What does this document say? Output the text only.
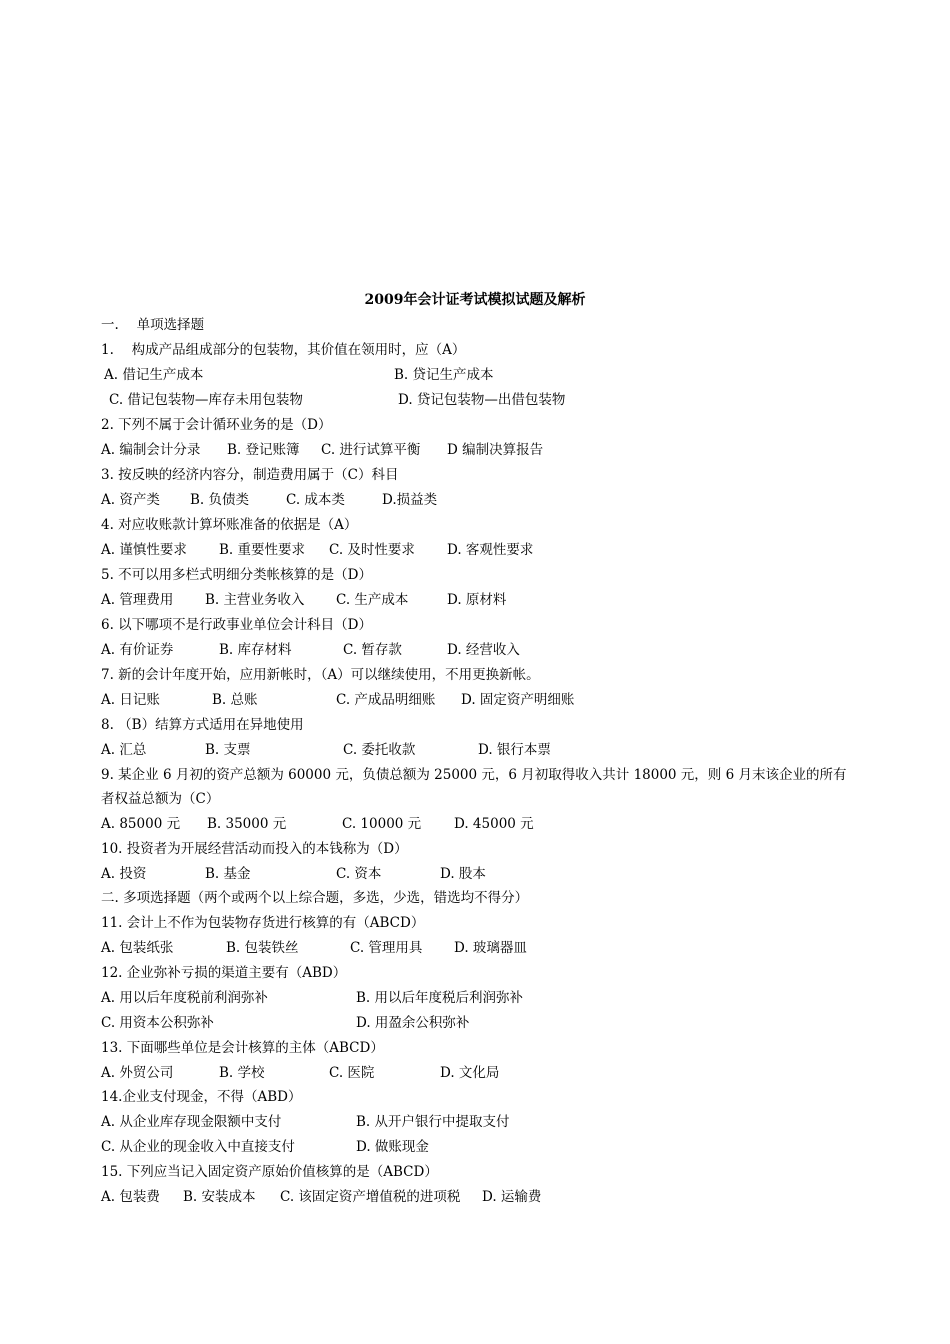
2009年会计证考试模拟试题及解析
一.　 单项选择题
1.　 构成产品组成部分的包装物，其价值在领用时，应（A）
A. 借记生产成本	B. 贷记生产成本
C. 借记包装物—库存未用包装物	D. 贷记包装物—出借包装物
2. 下列不属于会计循环业务的是（D）
A. 编制会计分录 B. 登记账簿 C. 进行试算平衡 D 编制决算报告
3. 按反映的经济内容分，制造费用属于（C）科目
A. 资产类 B. 负债类	C. 成本类	D.损益类
4. 对应收账款计算坏账准备的依据是（A）
A. 谨慎性要求 B. 重要性要求 C. 及时性要求 D. 客观性要求
5. 不可以用多栏式明细分类帐核算的是（D）
A. 管理费用 B. 主营业务收入 C. 生产成本	D. 原材料
6. 以下哪项不是行政事业单位会计科目（D）
A. 有价证券	B. 库存材料	C. 暂存款	D. 经营收入
7. 新的会计年度开始，应用新帐时，（A）可以继续使用，不用更换新帐。
A. 日记账	B. 总账	C. 产成品明细账 D. 固定资产明细账
8. （B）结算方式适用在异地使用
A. 汇总	B. 支票	C. 委托收款	D. 银行本票
9. 某企业 6 月初的资产总额为 60000 元，负债总额为 25000 元，6 月初取得收入共计 18000 元，则 6 月末该企业的所有
者权益总额为（C）
A. 85000 元 B. 35000 元	C. 10000 元 D. 45000 元
10. 投资者为开展经营活动而投入的本钱称为（D）
A. 投资	B. 基金	C. 资本	D. 股本
二. 多项选择题（两个或两个以上综合题，多选，少选，错选均不得分）
11. 会计上不作为包装物存货进行核算的有（ABCD）
A. 包装纸张	B. 包装铁丝	C. 管理用具 D. 玻璃器皿
12. 企业弥补亏损的渠道主要有（ABD）
A. 用以后年度税前利润弥补	B. 用以后年度税后利润弥补
C. 用资本公积弥补	D. 用盈余公积弥补
13. 下面哪些单位是会计核算的主体（ABCD）
A. 外贸公司	B. 学校	C. 医院	D. 文化局
14.企业支付现金，不得（ABD）
A. 从企业库存现金限额中支付	B. 从开户银行中提取支付
C. 从企业的现金收入中直接支付	D. 做账现金
15. 下列应当记入固定资产原始价值核算的是（ABCD）
A. 包装费 B. 安装成本 C. 该固定资产增值税的进项税 D. 运输费
